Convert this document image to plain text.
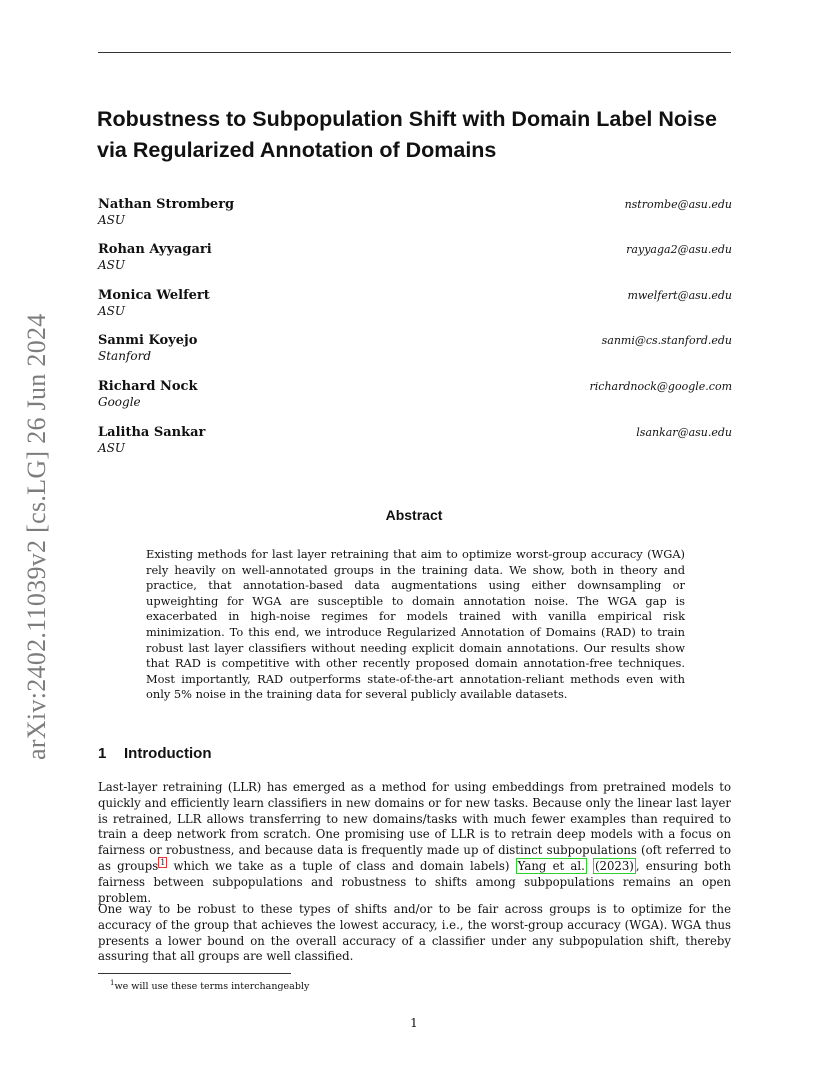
Robustness to Subpopulation Shift with Domain Label Noise via Regularized Annotation of Domains
Nathan Stromberg
ASU
nstrombe@asu.edu
Rohan Ayyagari
ASU
rayyaga2@asu.edu
Monica Welfert
ASU
mwelfert@asu.edu
Sanmi Koyejo
Stanford
sanmi@cs.stanford.edu
Richard Nock
Google
richardnock@google.com
Lalitha Sankar
ASU
lsankar@asu.edu
arXiv:2402.11039v2 [cs.LG] 26 Jun 2024	Abstract

Existing methods for last layer retraining that aim to optimize worst-group accuracy (WGA) rely heavily on well-annotated groups in the training data. We show, both in theory and practice, that annotation-based data augmentations using either downsampling or upweighting for WGA are susceptible to domain annotation noise. The WGA gap is exacerbated in high-noise regimes for models trained with vanilla empirical risk minimization. To this end, we introduce Regularized Annotation of Domains (RAD) to train robust last layer classifiers without needing explicit domain annotations. Our results show that RAD is competitive with other recently proposed domain annotation-free techniques. Most importantly, RAD outperforms state-of-the-art annotation-reliant methods even with only 5% noise in the training data for several publicly available datasets.

1 Introduction

Last-layer retraining (LLR) has emerged as a method for using embeddings from pretrained models to quickly and efficiently learn classifiers in new domains or for new tasks. Because only the linear last layer is retrained, LLR allows transferring to new domains/tasks with much fewer examples than required to train a deep network from scratch. One promising use of LLR is to retrain deep models with a focus on fairness or robustness, and because data is frequently made up of distinct subpopulations (oft referred to as groups $^1$ which we take as a tuple of class and domain labels) Yang et al. (2023) , ensuring both fairness between subpopulations and robustness to shifts among subpopulations remains an open problem.

One way to be robust to these types of shifts and/or to be fair across groups is to optimize for the accuracy of the group that achieves the lowest accuracy, i.e., the worst-group accuracy (WGA). WGA thus presents a lower bound on the overall accuracy of a classifier under any subpopulation shift, thereby assuring that all groups are well classified.

$^1$we will use these terms interchangeably
1
